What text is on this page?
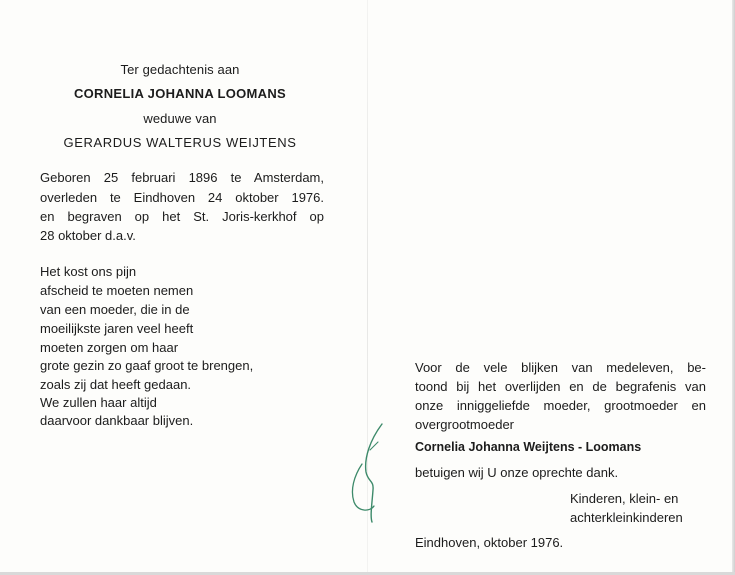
Ter gedachtenis aan
CORNELIA JOHANNA LOOMANS
weduwe van
GERARDUS WALTERUS WEIJTENS
Geboren 25 februari 1896 te Amsterdam,
overleden te Eindhoven 24 oktober 1976.
en begraven op het St. Joris-kerkhof op
28 oktober d.a.v.
Het kost ons pijn
afscheid te moeten nemen
van een moeder, die in de
moeilijkste jaren veel heeft
moeten zorgen om haar
grote gezin zo gaaf groot te brengen,
zoals zij dat heeft gedaan.
We zullen haar altijd
daarvoor dankbaar blijven.
Voor de vele blijken van medeleven, be-
toond bij het overlijden en de begrafenis van
onze inniggeliefde moeder, grootmoeder en
overgrootmoeder
Cornelia Johanna Weijtens - Loomans
betuigen wij U onze oprechte dank.
Kinderen, klein- en
achterkleinkinderen
Eindhoven, oktober 1976.
